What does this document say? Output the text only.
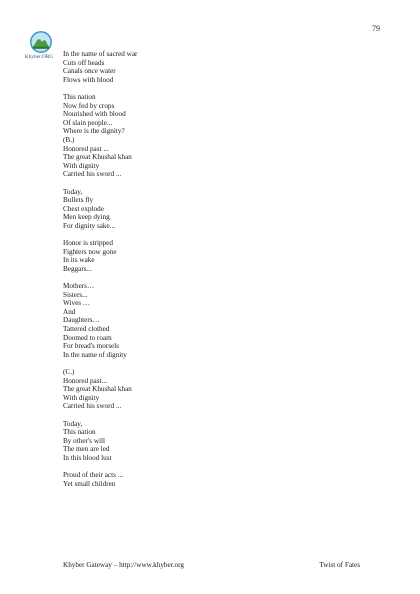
79
Khyber.ORG	In the name of sacred war
Cuts off heads
Canals once water
Flows with blood
This nation
Now fed by crops
Nourished with blood
Of slain people...
Where is the dignity?
(B.)
Honored past ...
The great Khushal khan
With dignity
Carried his sword ...
Today,
Bullets fly
Chest explode
Men keep dying
For dignity sake...
Honor is stripped
Fighters now gone
In its wake
Beggars...
Mothers…
Sisters...
Wives …
And
Daughters…
Tattered clothed
Doomed to roam
For bread's morsels
In the name of dignity
(C.)
Honored past...
The great Khushal khan
With dignity
Carried his sword ...
Today,
This nation
By other's will
The men are led
In this blood lust
Proud of their acts ...
Yet small children
Khyber Gateway – http://www.khyber.org	Twist of Fates
